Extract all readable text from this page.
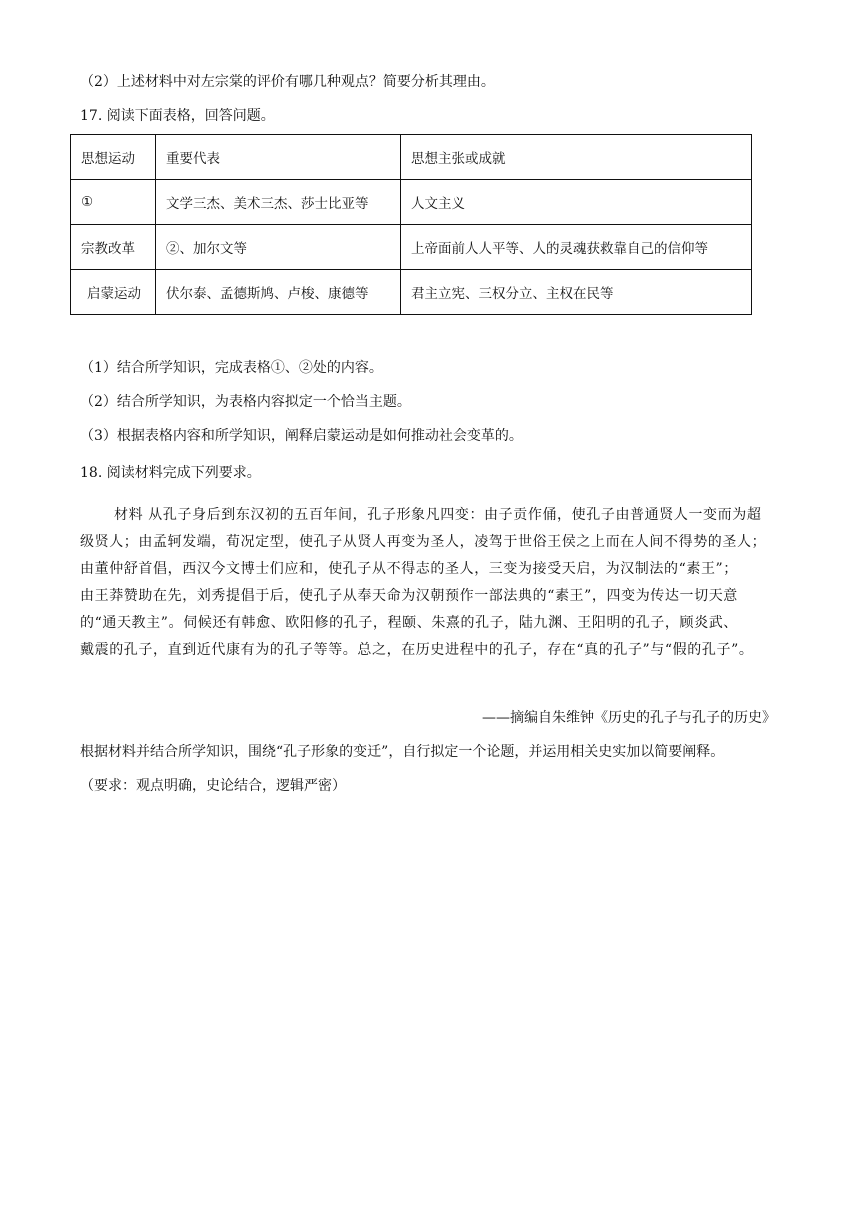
（2）上述材料中对左宗棠的评价有哪几种观点？简要分析其理由。
17. 阅读下面表格，回答问题。
思想运动	重要代表	思想主张或成就
①	文学三杰、美术三杰、莎士比亚等	人文主义
宗教改革	②、加尔文等	上帝面前人人平等、人的灵魂获救靠自己的信仰等
启蒙运动	伏尔泰、孟德斯鸠、卢梭、康德等	君主立宪、三权分立、主权在民等
（1）结合所学知识，完成表格①、②处的内容。
（2）结合所学知识，为表格内容拟定一个恰当主题。
（3）根据表格内容和所学知识，阐释启蒙运动是如何推动社会变革的。
18. 阅读材料完成下列要求。
材料 从孔子身后到东汉初的五百年间，孔子形象凡四变：由子贡作俑，使孔子由普通贤人一变而为超
级贤人；由孟轲发端，荀况定型，使孔子从贤人再变为圣人，凌驾于世俗王侯之上而在人间不得势的圣人；
由董仲舒首倡，西汉今文博士们应和，使孔子从不得志的圣人，三变为接受天启，为汉制法的“素王”；
由王莽赞助在先，刘秀提倡于后，使孔子从奉天命为汉朝预作一部法典的“素王”，四变为传达一切天意
的“通天教主”。伺候还有韩愈、欧阳修的孔子，程颐、朱熹的孔子，陆九渊、王阳明的孔子，顾炎武、
戴震的孔子，直到近代康有为的孔子等等。总之，在历史进程中的孔子，存在“真的孔子”与“假的孔子”。
——摘编自朱维钟《历史的孔子与孔子的历史》
根据材料并结合所学知识，围绕“孔子形象的变迁”，自行拟定一个论题，并运用相关史实加以简要阐释。
（要求：观点明确，史论结合，逻辑严密）
